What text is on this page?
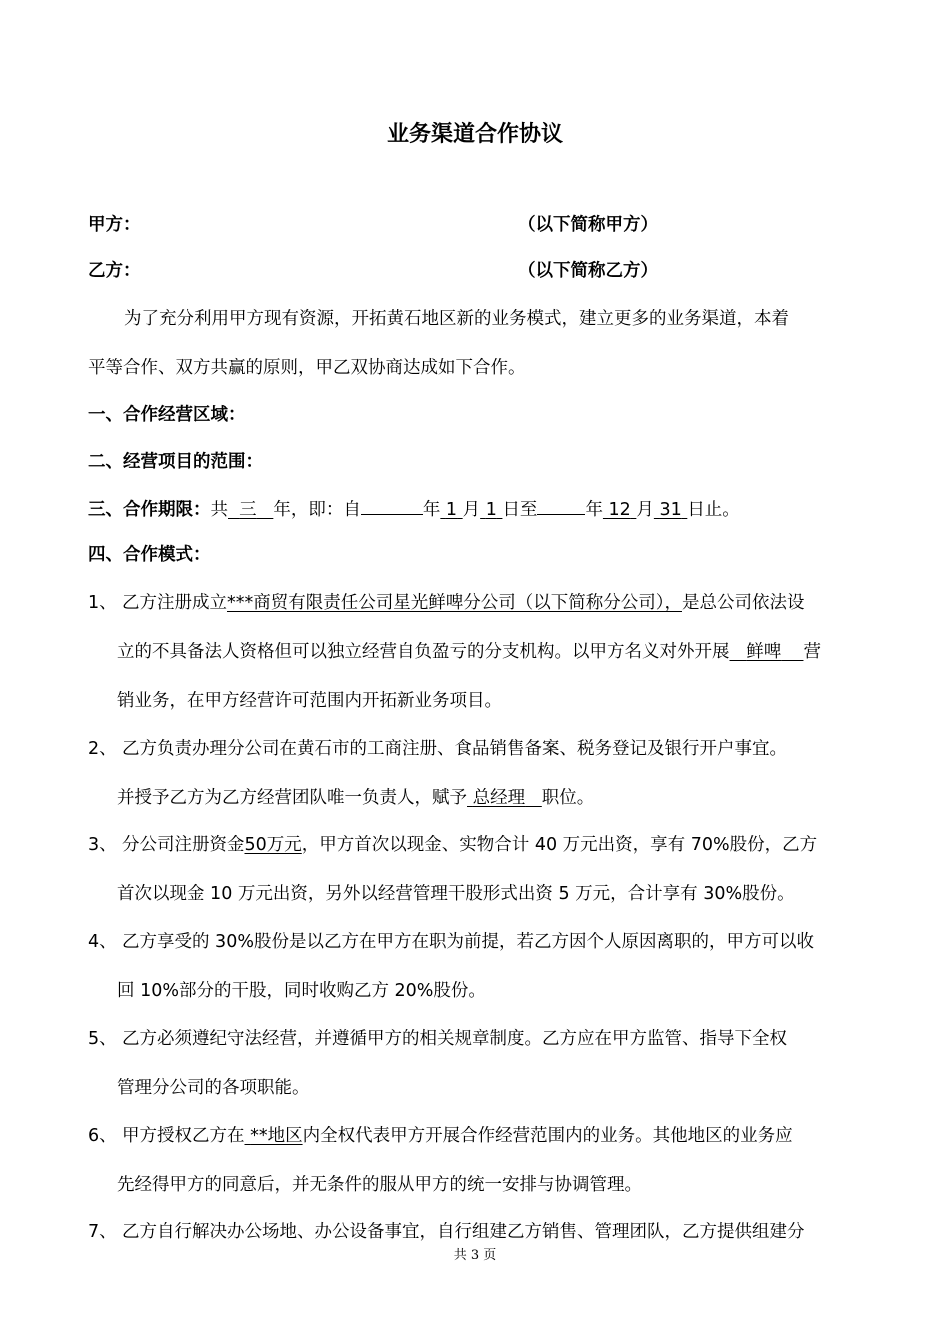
业务渠道合作协议
甲方：	（以下简称甲方）
乙方：	（以下简称乙方）
为了充分利用甲方现有资源，开拓黄石地区新的业务模式，建立更多的业务渠道，本着
平等合作、双方共赢的原则，甲乙双协商达成如下合作。
一、合作经营区域：
二、经营项目的范围：
三、合作期限：共 三 年，即：自	年 1 月 1 日至	年 12 月 31 日止。
四、合作模式：
1、 乙方注册成立***商贸有限责任公司星光鲜啤分公司（以下简称分公司），是总公司依法设
立的不具备法人资格但可以独立经营自负盈亏的分支机构。以甲方名义对外开展 鲜啤 营
销业务，在甲方经营许可范围内开拓新业务项目。
2、 乙方负责办理分公司在黄石市的工商注册、食品销售备案、税务登记及银行开户事宜。
并授予乙方为乙方经营团队唯一负责人，赋予 总经理 职位。
3、 分公司注册资金50万元，甲方首次以现金、实物合计 40 万元出资，享有 70%股份，乙方
首次以现金 10 万元出资，另外以经营管理干股形式出资 5 万元，合计享有 30%股份。
4、 乙方享受的 30%股份是以乙方在甲方在职为前提，若乙方因个人原因离职的，甲方可以收
回 10%部分的干股，同时收购乙方 20%股份。
5、 乙方必须遵纪守法经营，并遵循甲方的相关规章制度。乙方应在甲方监管、指导下全权
管理分公司的各项职能。
6、 甲方授权乙方在 **地区内全权代表甲方开展合作经营范围内的业务。其他地区的业务应
先经得甲方的同意后，并无条件的服从甲方的统一安排与协调管理。
7、 乙方自行解决办公场地、办公设备事宜，自行组建乙方销售、管理团队，乙方提供组建分
共 3 页
